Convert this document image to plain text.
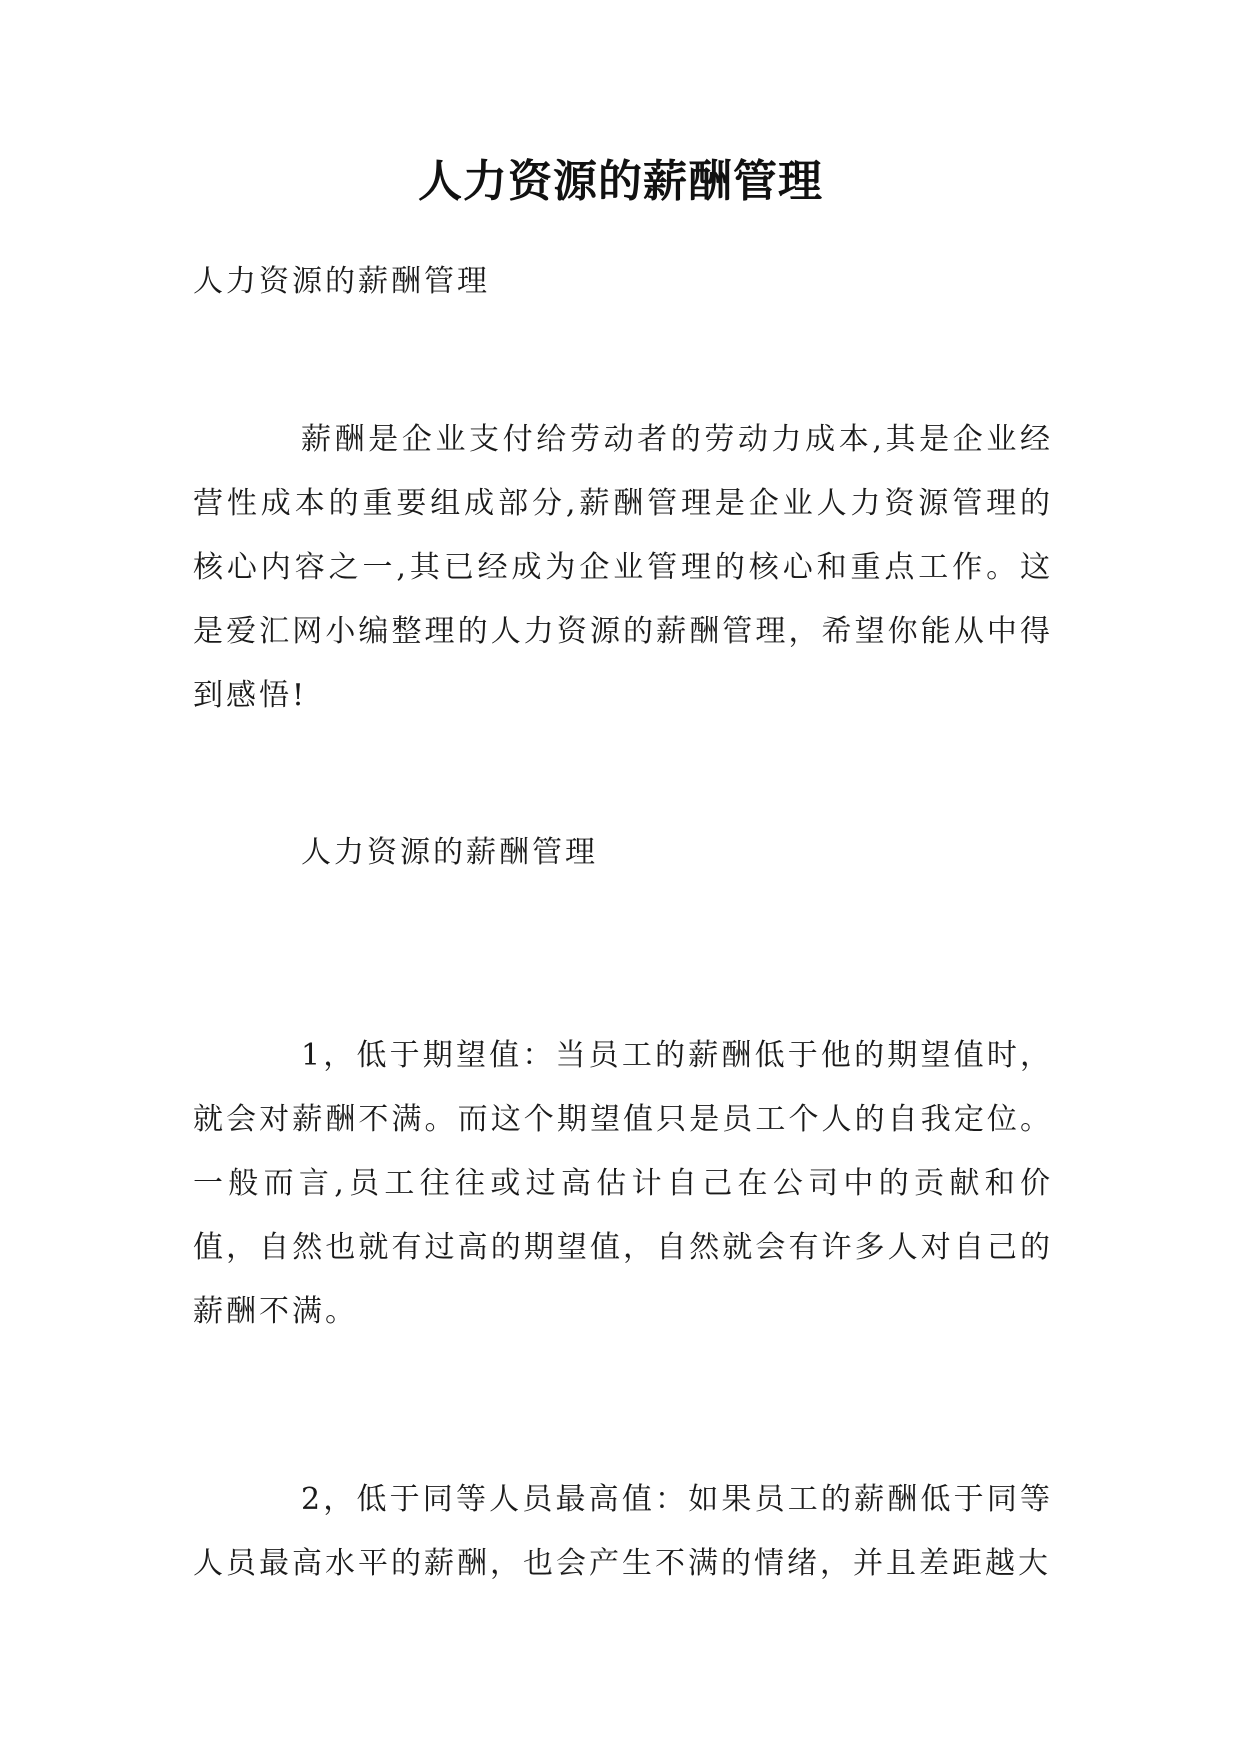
人力资源的薪酬管理

人力资源的薪酬管理

薪酬是企业支付给劳动者的劳动力成本,其是企业经营性成本的重要组成部分,薪酬管理是企业人力资源管理的核心内容之一,其已经成为企业管理的核心和重点工作。这是爱汇网小编整理的人力资源的薪酬管理，希望你能从中得到感悟!

人力资源的薪酬管理

1，低于期望值：当员工的薪酬低于他的期望值时，就会对薪酬不满。而这个期望值只是员工个人的自我定位。一般而言,员工往往或过高估计自己在公司中的贡献和价值，自然也就有过高的期望值，自然就会有许多人对自己的薪酬不满。

2，低于同等人员最高值：如果员工的薪酬低于同等人员最高水平的薪酬，也会产生不满的情绪，并且差距越大
